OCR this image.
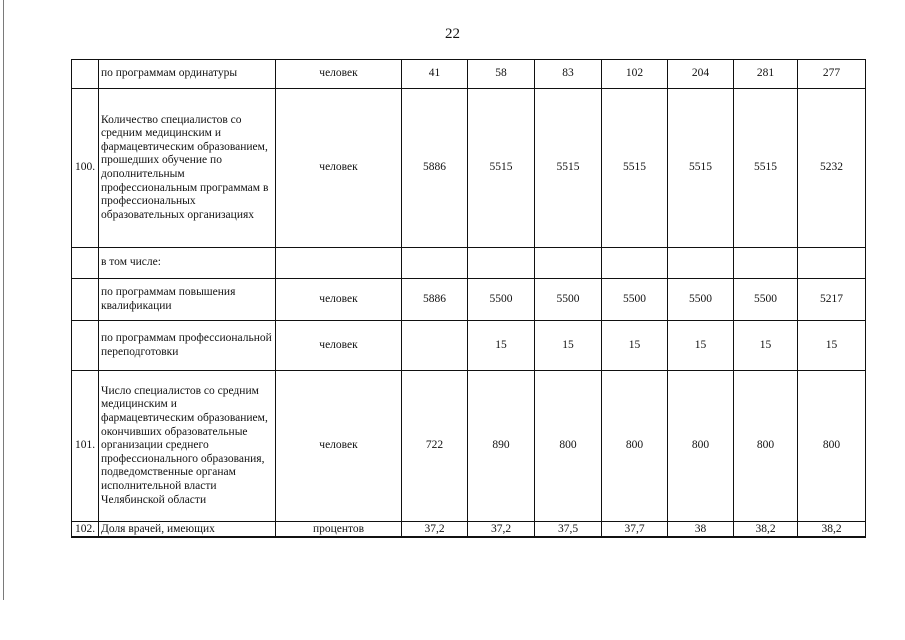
22
	по программам ординатуры	человек	41	58	83	102	204	281	277
100.	Количество специалистов со средним медицинским и фармацевтическим образованием, прошедших обучение по дополнительным профессиональным программам в профессиональных образовательных организациях	человек	5886	5515	5515	5515	5515	5515	5232
	в том числе:								
	по программам повышения квалификации	человек	5886	5500	5500	5500	5500	5500	5217
	по программам профессиональной переподготовки	человек		15	15	15	15	15	15
101.	Число специалистов со средним медицинским и фармацевтическим образованием, окончивших образовательные организации среднего профессионального образования, подведомственные органам исполнительной власти Челябинской области	человек	722	890	800	800	800	800	800
102.	Доля врачей, имеющих	процентов	37,2	37,2	37,5	37,7	38	38,2	38,2
